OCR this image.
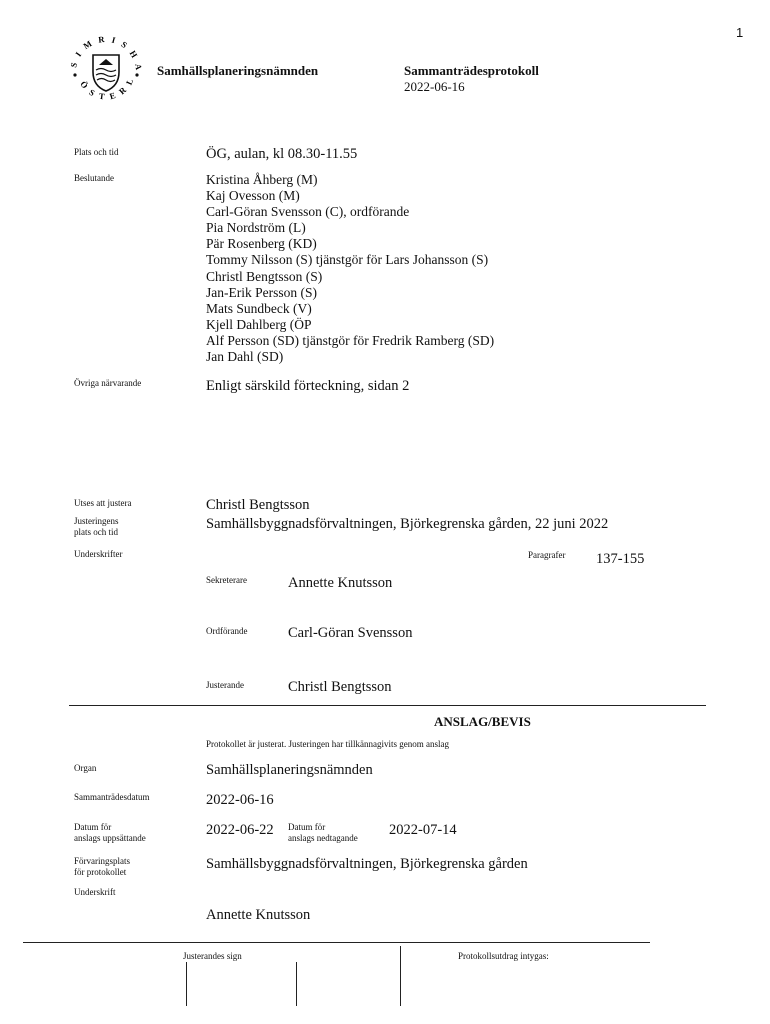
1
S I M R I S H A
Ö S T E R L
Samhällsplaneringsnämnden	Sammanträdesprotokoll
2022-06-16
Plats och tid	ÖG, aulan, kl 08.30-11.55
Beslutande	Kristina Åhberg (M)
Kaj Ovesson (M)
Carl-Göran Svensson (C), ordförande
Pia Nordström (L)
Pär Rosenberg (KD)
Tommy Nilsson (S) tjänstgör för Lars Johansson (S)
Christl Bengtsson (S)
Jan-Erik Persson (S)
Mats Sundbeck (V)
Kjell Dahlberg (ÖP
Alf Persson (SD) tjänstgör för Fredrik Ramberg (SD)
Jan Dahl (SD)
Övriga närvarande	Enligt särskild förteckning, sidan 2
Utses att justera	Christl Bengtsson
Justeringens
plats och tid	Samhällsbyggnadsförvaltningen, Björkegrenska gården, 22 juni 2022
Underskrifter	Paragrafer 137-155
Sekreterare	Annette Knutsson
Ordförande	Carl-Göran Svensson
Justerande	Christl Bengtsson
ANSLAG/BEVIS
Protokollet är justerat. Justeringen har tillkännagivits genom anslag
Organ	Samhällsplaneringsnämnden
Sammanträdesdatum	2022-06-16
Datum för
anslags uppsättande	2022-06-22 Datum för
anslags nedtagande 2022-07-14
Förvaringsplats
för protokollet	Samhällsbyggnadsförvaltningen, Björkegrenska gården
Underskrift
Annette Knutsson
Justerandes sign	Protokollsutdrag intygas:
